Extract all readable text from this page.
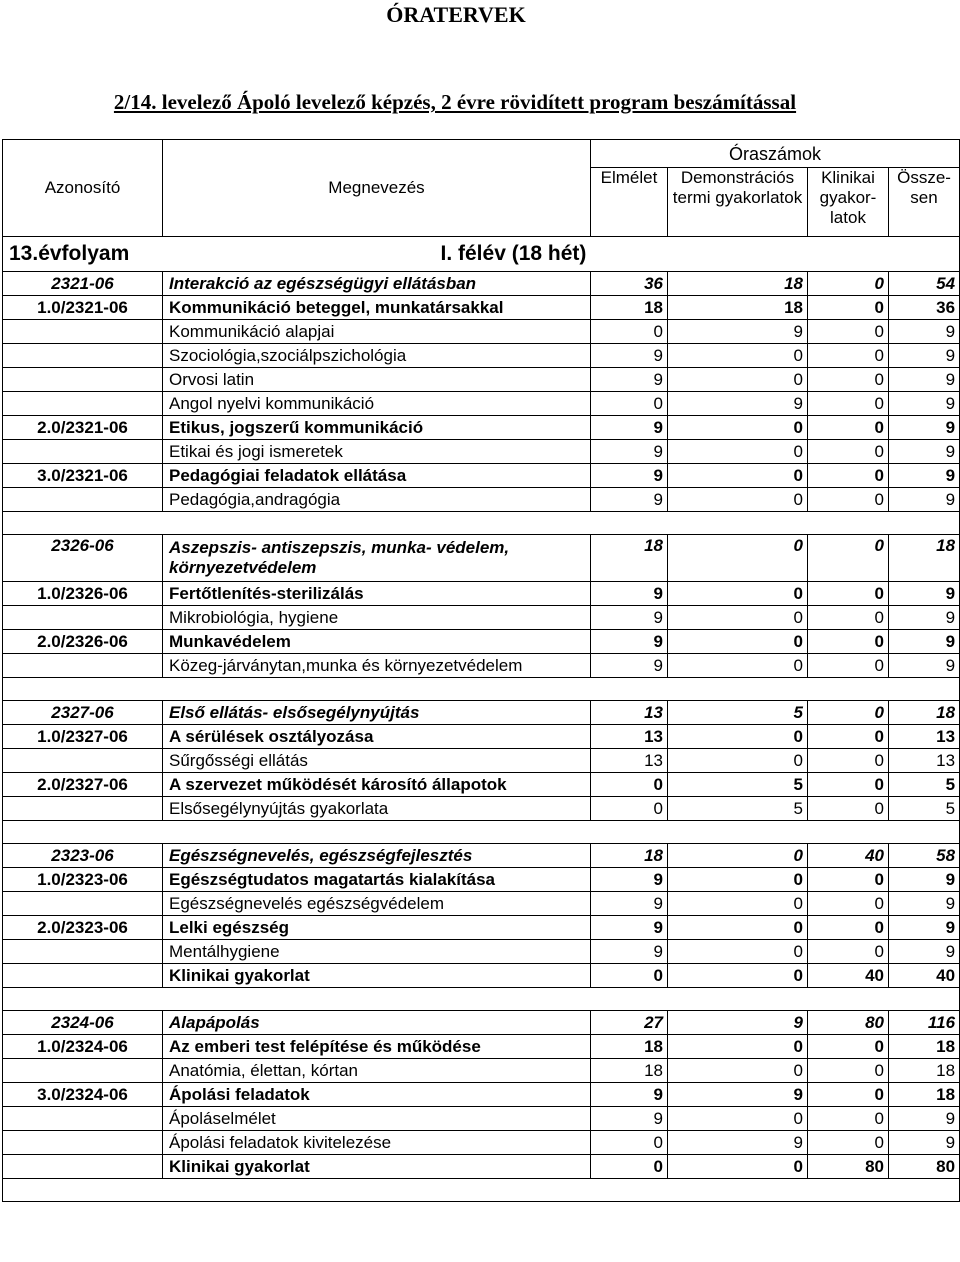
ÓRATERVEK
2/14. levelező Ápoló levelező képzés, 2 évre rövidített program beszámítással
Azonosító	Megnevezés	Óraszámok			
		Elmélet	Demonstrációs termi gyakorlatok	Klinikai gyakor-latok	Össze-sen
13.évfolyam	I. félév (18 hét)				
2321-06	Interakció az egészségügyi ellátásban	36	18	0	54
1.0/2321-06	Kommunikáció beteggel, munkatársakkal	18	18	0	36
	Kommunikáció alapjai	0	9	0	9
	Szociológia,szociálpszichológia	9	0	0	9
	Orvosi latin	9	0	0	9
	Angol nyelvi kommunikáció	0	9	0	9
2.0/2321-06	Etikus, jogszerű kommunikáció	9	0	0	9
	Etikai és jogi ismeretek	9	0	0	9
3.0/2321-06	Pedagógiai feladatok ellátása	9	0	0	9
	Pedagógia,andragógia	9	0	0	9

2326-06	Aszepszis- antiszepszis, munka- védelem, környezetvédelem	18	0	0	18
1.0/2326-06	Fertőtlenítés-sterilizálás	9	0	0	9
	Mikrobiológia, hygiene	9	0	0	9
2.0/2326-06	Munkavédelem	9	0	0	9
	Közeg-járványtan,munka és környezetvédelem	9	0	0	9

2327-06	Első ellátás- elsősegélynyújtás	13	5	0	18
1.0/2327-06	A sérülések osztályozása	13	0	0	13
	Sűrgősségi ellátás	13	0	0	13
2.0/2327-06	A szervezet működését károsító állapotok	0	5	0	5
	Elsősegélynyújtás gyakorlata	0	5	0	5

2323-06	Egészségnevelés, egészségfejlesztés	18	0	40	58
1.0/2323-06	Egészségtudatos magatartás kialakítása	9	0	0	9
	Egészségnevelés egészségvédelem	9	0	0	9
2.0/2323-06	Lelki egészség	9	0	0	9
	Mentálhygiene	9	0	0	9
	Klinikai gyakorlat	0	0	40	40

2324-06	Alapápolás	27	9	80	116
1.0/2324-06	Az emberi test felépítése és működése	18	0	0	18
	Anatómia, élettan, kórtan	18	0	0	18
3.0/2324-06	Ápolási feladatok	9	9	0	18
	Ápoláselmélet	9	0	0	9
	Ápolási feladatok kivitelezése	0	9	0	9
	Klinikai gyakorlat	0	0	80	80
